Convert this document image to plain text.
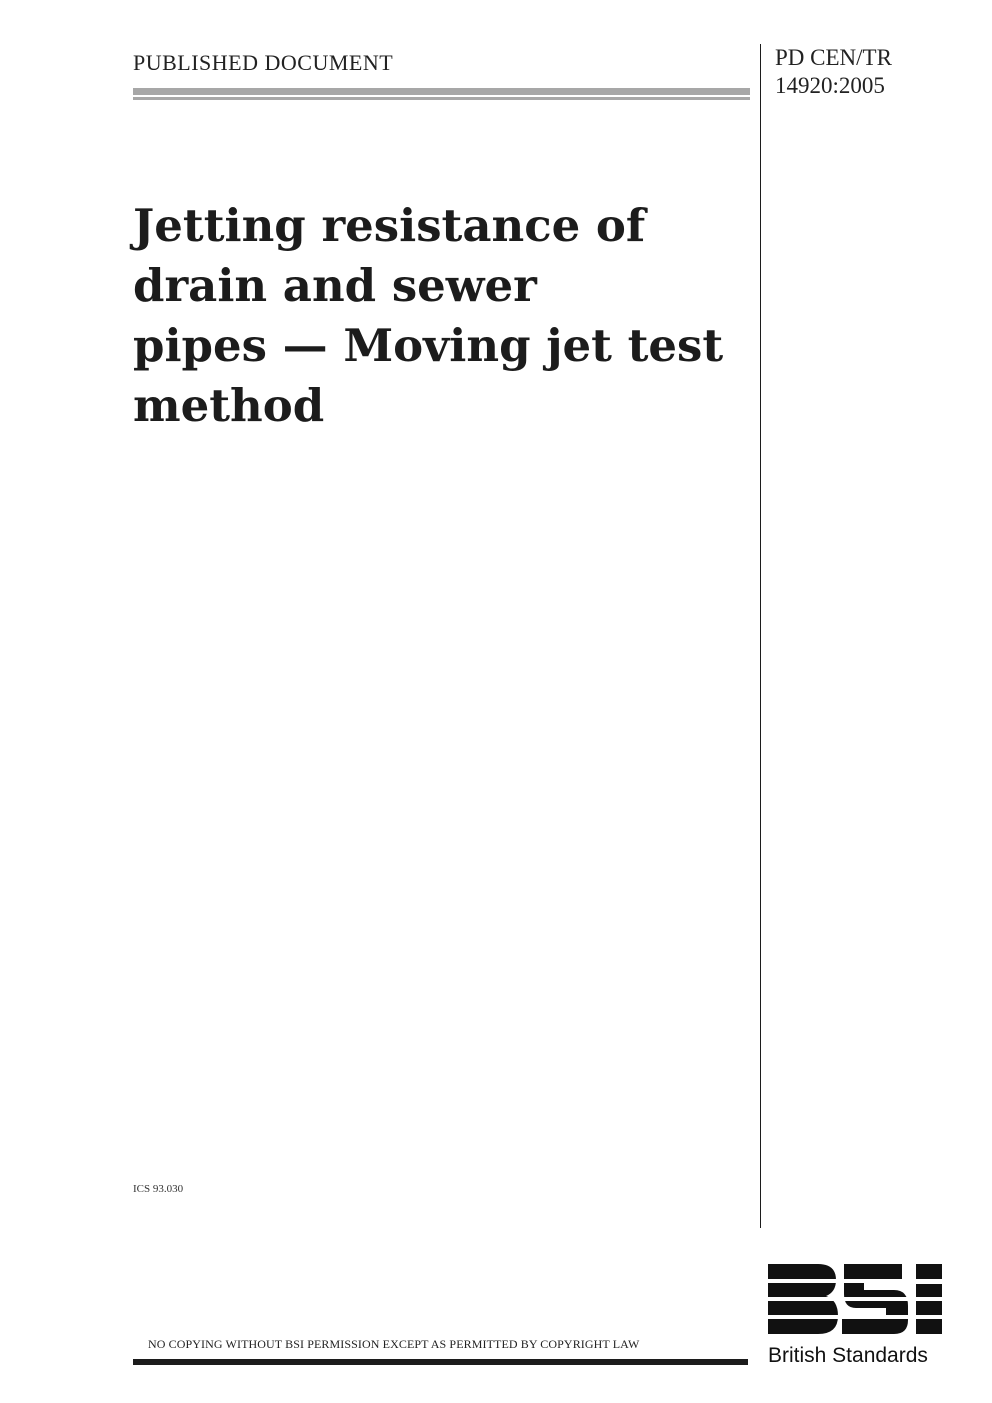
PUBLISHED DOCUMENT	PD CEN/TR
14920:2005
Jetting resistance of
drain and sewer
pipes — Moving jet test
method
ICS 93.030
NO COPYING WITHOUT BSI PERMISSION EXCEPT AS PERMITTED BY COPYRIGHT LAW	British Standards
